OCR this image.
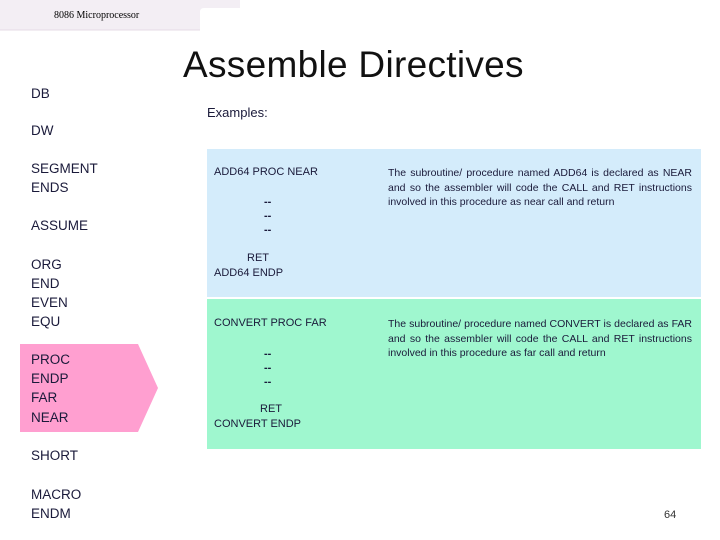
8086 Microprocessor
DB
DW
SEGMENT
ENDS
ASSUME
ORG
END
EVEN
EQU
PROC
ENDP
FAR
NEAR
SHORT
MACRO
ENDM
Assemble Directives
Examples:
ADD64 PROC NEAR
--
--
--
RET
ADD64 ENDP
The subroutine/ procedure named ADD64 is declared as NEAR and so the assembler will code the CALL and RET instructions involved in this procedure as near call and return
CONVERT PROC FAR
--
--
--
RET
CONVERT ENDP
The subroutine/ procedure named CONVERT is declared as FAR and so the assembler will code the CALL and RET instructions involved in this procedure as far call and return
64
